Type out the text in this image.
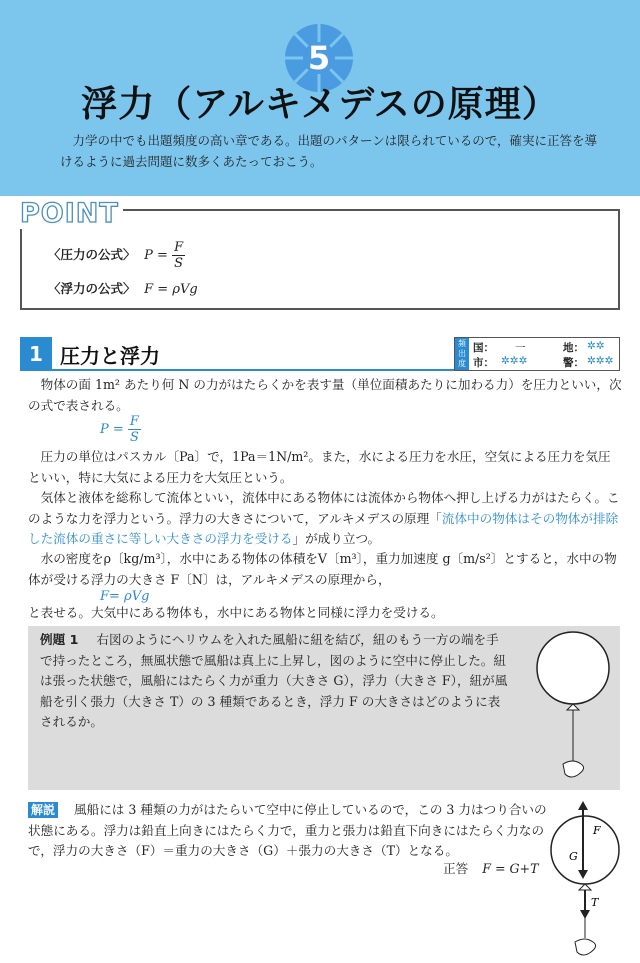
5
浮力（アルキメデスの原理）
力学の中でも出題頻度の高い章である。出題のパターンは限られているので，確実に正答を導けるように過去問題に数多くあたっておこう。
POINT
〈圧力の公式〉 $P = \frac{F}{S}$
〈浮力の公式〉 F = ρVg
1 圧力と浮力
頻
出
度
国： 一	地： ✲✲
市： ✲✲✲	警： ✲✲✲
物体の面 1m² あたり何 N の力がはたらくかを表す量（単位面積あたりに加わる力）を圧力といい，次の式で表される。
$P = \frac{F}{S}$
圧力の単位はパスカル〔Pa〕で，1Pa＝1N/m²。また，水による圧力を水圧，空気による圧力を気圧といい，特に大気による圧力を大気圧という。
気体と液体を総称して流体といい，流体中にある物体には流体から物体へ押し上げる力がはたらく。このような力を浮力という。浮力の大きさについて，アルキメデスの原理「流体中の物体はその物体が排除した流体の重さに等しい大きさの浮力を受ける」が成り立つ。
水の密度をρ〔kg/m³〕，水中にある物体の体積をV〔m³〕，重力加速度 g〔m/s²〕とすると，水中の物体が受ける浮力の大きさ F〔N〕は，アルキメデスの原理から，
F= ρVg
と表せる。大気中にある物体も，水中にある物体と同様に浮力を受ける。
例題 1 右図のようにヘリウムを入れた風船に紐を結び，紐のもう一方の端を手で持ったところ，無風状態で風船は真上に上昇し，図のように空中に停止した。紐は張った状態で，風船にはたらく力が重力（大きさ G），浮力（大きさ F），紐が風船を引く張力（大きさ T）の 3 種類であるとき，浮力 F の大きさはどのように表されるか。
解説 風船には 3 種類の力がはたらいて空中に停止しているので，この 3 力はつり合いの状態にある。浮力は鉛直上向きにはたらく力で，重力と張力は鉛直下向きにはたらく力なので，浮力の大きさ（F）＝重力の大きさ（G）＋張力の大きさ（T）となる。
正答 F = G+T
F
G
T
